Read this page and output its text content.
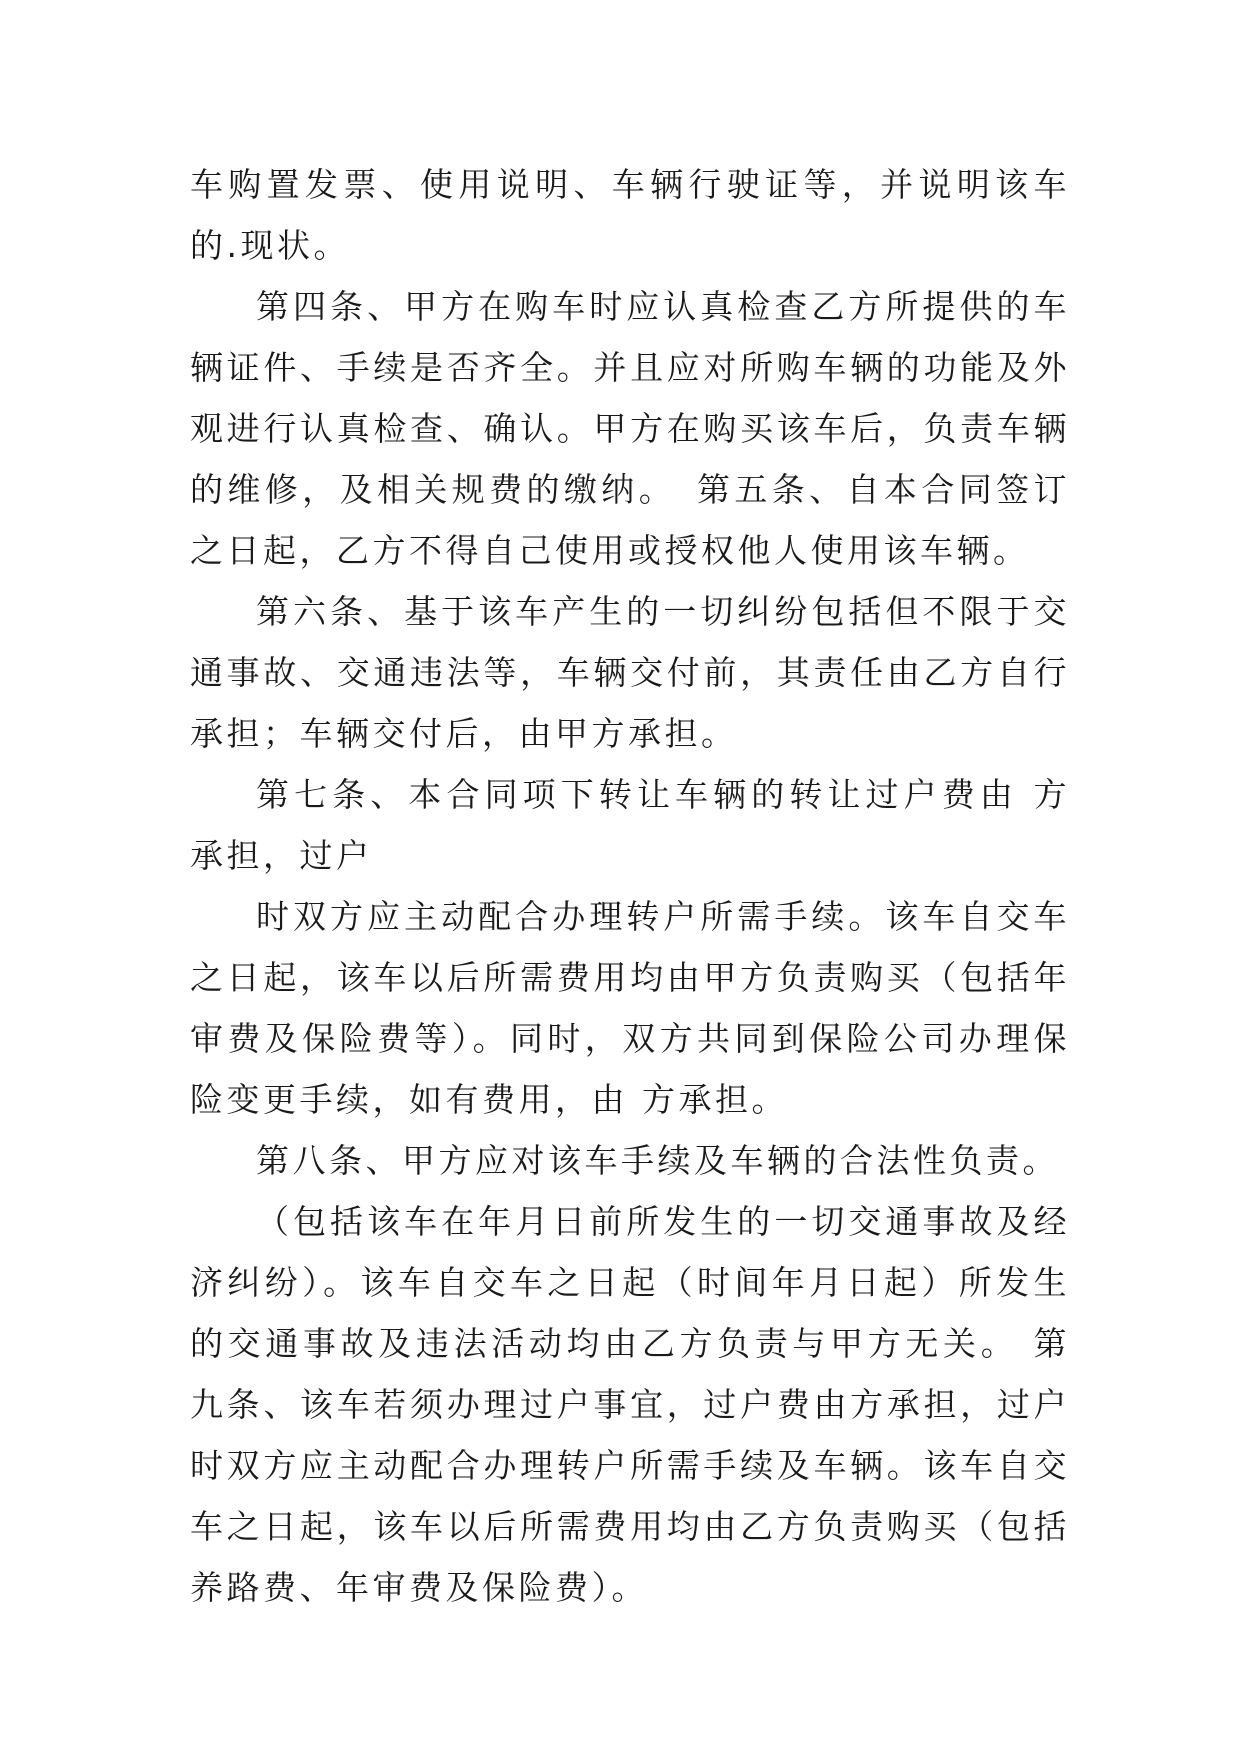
车购置发票、使用说明、车辆行驶证等，并说明该车的.现状。

第四条、甲方在购车时应认真检查乙方所提供的车辆证件、手续是否齐全。并且应对所购车辆的功能及外观进行认真检查、确认。甲方在购买该车后，负责车辆的维修，及相关规费的缴纳。　第五条、自本合同签订之日起，乙方不得自己使用或授权他人使用该车辆。

第六条、基于该车产生的一切纠纷包括但不限于交通事故、交通违法等，车辆交付前，其责任由乙方自行承担；车辆交付后，由甲方承担。

第七条、本合同项下转让车辆的转让过户费由 方承担，过户

时双方应主动配合办理转户所需手续。该车自交车之日起，该车以后所需费用均由甲方负责购买（包括年审费及保险费等）。同时，双方共同到保险公司办理保险变更手续，如有费用，由 方承担。

第八条、甲方应对该车手续及车辆的合法性负责。

（包括该车在年月日前所发生的一切交通事故及经济纠纷）。该车自交车之日起（时间年月日起）所发生的交通事故及违法活动均由乙方负责与甲方无关。 第九条、该车若须办理过户事宜，过户费由方承担，过户时双方应主动配合办理转户所需手续及车辆。该车自交车之日起，该车以后所需费用均由乙方负责购买（包括养路费、年审费及保险费）。
